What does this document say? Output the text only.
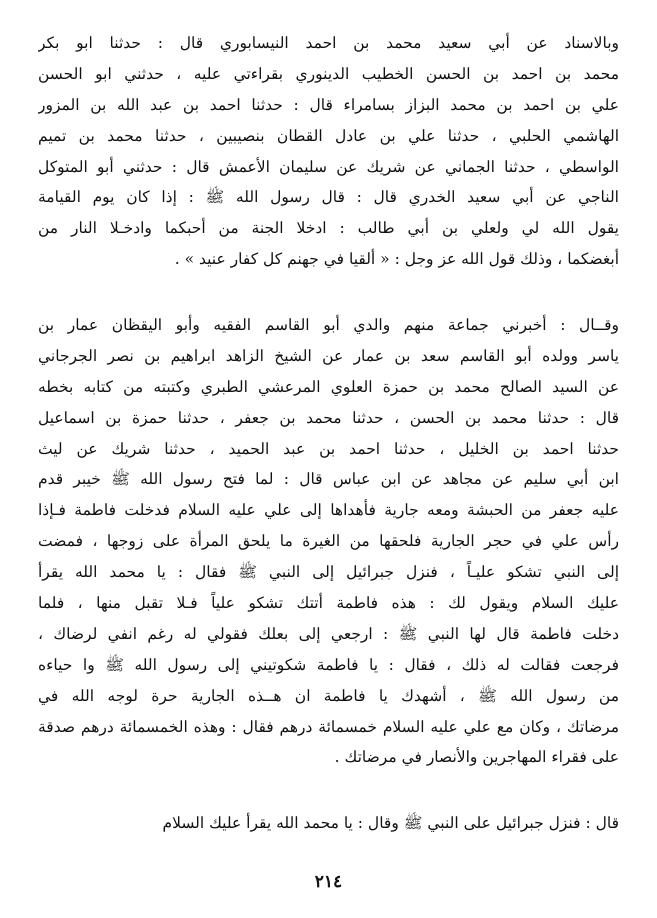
وبالاسناد عن أبي سعيد محمد بن احمد النيسابوري قال : حدثنا ابو بكر
محمد بن احمد بن الحسن الخطيب الدينوري بقراءتي عليه ، حدثني ابو الحسن
علي بن احمد بن محمد البزاز بسامراء قال : حدثنا احمد بن عبد الله بن المزور
الهاشمي الحلبي ، حدثنا علي بن عادل القطان بنصيبين ، حدثنا محمد بن تميم
الواسطي ، حدثنا الجماني عن شريك عن سليمان الأعمش قال : حدثني أبو المتوكل
الناجي عن أبي سعيد الخدري قال : قال رسول الله ﷺ : إذا كان يوم القيامة
يقول الله لي ولعلي بن أبي طالب : ادخلا الجنة من أحبكما وادخـلا النار من
أبغضكما ، وذلك قول الله عز وجل : « ألقيا في جهنم كل كفار عنيد » .
وقــال : أخبرني جماعة منهم والدي أبو القاسم الفقيه وأبو اليقظان عمار بن
ياسر وولده أبو القاسم سعد بن عمار عن الشيخ الزاهد ابراهيم بن نصر الجرجاني
عن السيد الصالح محمد بن حمزة العلوي المرعشي الطبري وكتبته من كتابه بخطه
قال : حدثنا محمد بن الحسن ، حدثنا محمد بن جعفر ، حدثنا حمزة بن اسماعيل
حدثنا احمد بن الخليل ، حدثنا احمد بن عبد الحميد ، حدثنا شريك عن ليث
ابن أبي سليم عن مجاهد عن ابن عباس قال : لما فتح رسول الله ﷺ خيبر قدم
عليه جعفر من الحبشة ومعه جارية فأهداها إلى علي عليه السلام فدخلت فاطمة فـإذا
رأس علي في حجر الجارية فلحقها من الغيرة ما يلحق المرأة على زوجها ، فمضت
إلى النبي تشكو عليـاً ، فنزل جبرائيل إلى النبي ﷺ فقال : يا محمد الله يقرأ
عليك السلام ويقول لك : هذه فاطمة أتتك تشكو علياً فـلا تقبل منها ، فلما
دخلت فاطمة قال لها النبي ﷺ : ارجعي إلى بعلك فقولي له رغم انفي لرضاك ،
فرجعت فقالت له ذلك ، فقال : يا فاطمة شكوتيني إلى رسول الله ﷺ وا حياءه
من رسول الله ﷺ ، أشهدك يا فاطمة ان هــذه الجارية حرة لوجه الله في
مرضاتك ، وكان مع علي عليه السلام خمسمائة درهم فقال : وهذه الخمسمائة درهم صدقة
على فقراء المهاجرين والأنصار في مرضاتك .
قال : فنزل جبرائيل على النبي ﷺ وقال : يا محمد الله يقرأ عليك السلام
٢١٤
